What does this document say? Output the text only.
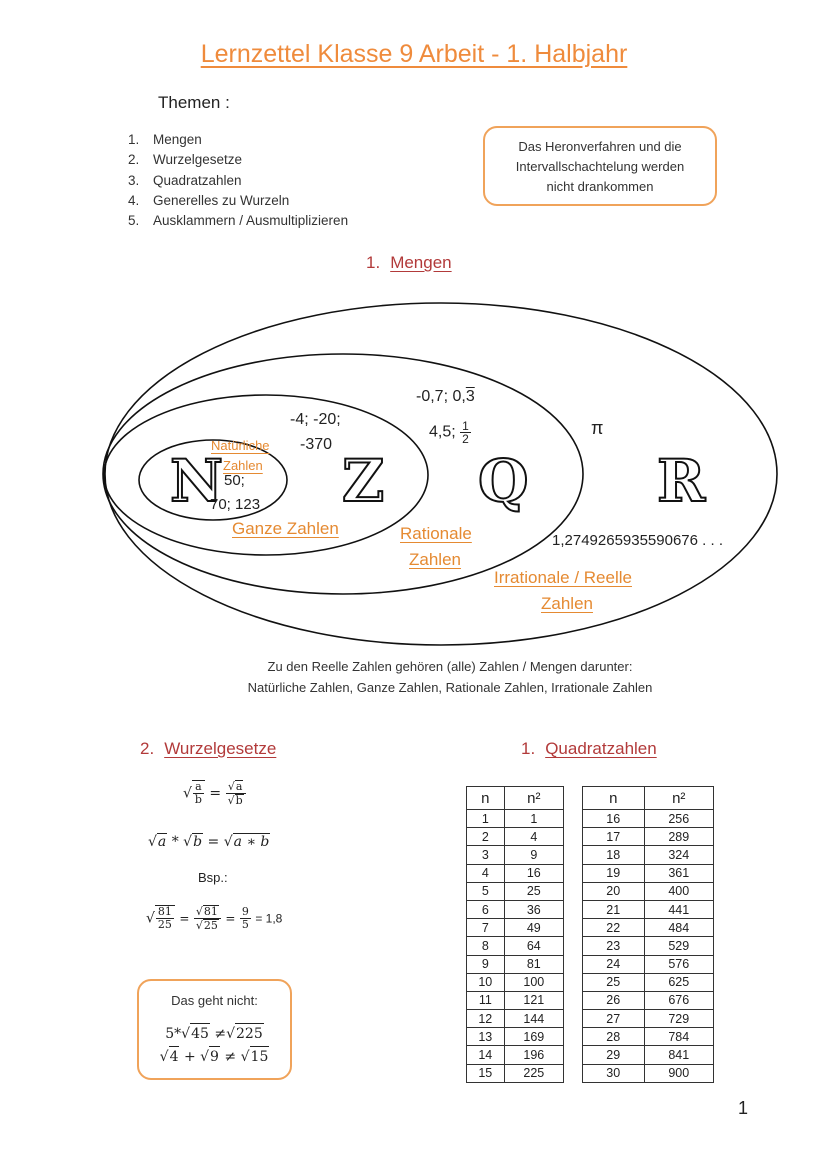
Lernzettel Klasse 9 Arbeit - 1. Halbjahr
Themen :
1. Mengen
2. Wurzelgesetze
3. Quadratzahlen
4. Generelles zu Wurzeln
5. Ausklammern / Ausmultiplizieren
Das Heronverfahren und die
Intervallschachtelung werden
nicht drankommen
1. Mengen
N Z Q R
Natürliche
Zahlen
50;
70; 123
-4; -20;
-370
-0,7; 0,3
4,5; $\frac{1}{2}$	π
1,2749265935590676 . . .
Ganze Zahlen	Rationale
Zahlen
Irrationale / Reelle
Zahlen
Zu den Reelle Zahlen gehören (alle) Zahlen / Mengen darunter:
Natürliche Zahlen, Ganze Zahlen, Rationale Zahlen, Irrationale Zahlen
2. Wurzelgesetze
√ $\frac{a}{b} = \frac{√a}{√b}$
√a * √b = √a ∗ b
Bsp.:
√ $\frac{81}{25} = \frac{√81}{√25} = \frac{9}{5} = 1,8$
Das geht nicht:
5*√45 ≠√225
√4 + √9 ≠ √15
1. Quadratzahlen
n	n²
1	1
2	4
3	9
4	16
5	25
6	36
7	49
8	64
9	81
10	100
11	121
12	144
13	169
14	196
15	225
n	n²
16	256
17	289
18	324
19	361
20	400
21	441
22	484
23	529
24	576
25	625
26	676
27	729
28	784
29	841
30	900
1
